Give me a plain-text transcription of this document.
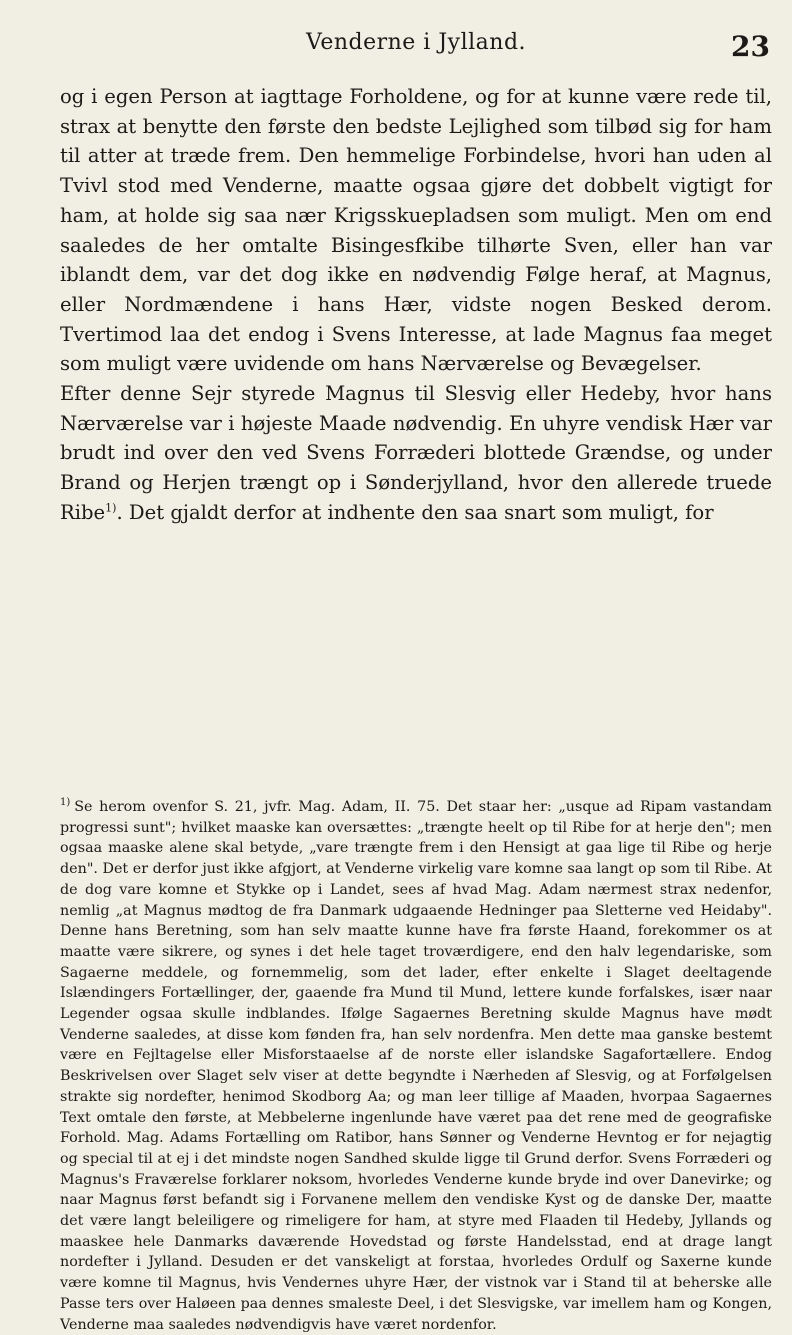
Venderne i Jylland.	23

og i egen Person at iagttage Forholdene, og for at kunne være rede til, strax at benytte den første den bedste Lejlighed som tilbød sig for ham til atter at træde frem. Den hemmelige Forbindelse, hvori han uden al Tvivl stod med Venderne, maatte ogsaa gjøre det dobbelt vigtigt for ham, at holde sig saa nær Krigsskuepladsen som muligt. Men om end saaledes de her omtalte Bisingesfkibe tilhørte Sven, eller han var iblandt dem, var det dog ikke en nødvendig Følge heraf, at Magnus, eller Nordmændene i hans Hær, vidste nogen Besked derom. Tvertimod laa det endog i Svens Interesse, at lade Magnus faa meget som muligt være uvidende om hans Nærværelse og Bevægelser.

Efter denne Sejr styrede Magnus til Slesvig eller Hedeby, hvor hans Nærværelse var i højeste Maade nødvendig. En uhyre vendisk Hær var brudt ind over den ved Svens Forræderi blottede Grændse, og under Brand og Herjen trængt op i Sønderjylland, hvor den allerede truede Ribe$^{1)}$. Det gjaldt derfor at indhente den saa snart som muligt, for

$^{1)}$ Se herom ovenfor S. 21, jvfr. Mag. Adam, II. 75. Det staar her: „usque ad Ripam vastandam progressi sunt"; hvilket maaske kan oversættes: „trængte heelt op til Ribe for at herje den"; men ogsaa maaske alene skal betyde, „vare trængte frem i den Hensigt at gaa lige til Ribe og herje den". Det er derfor just ikke afgjort, at Venderne virkelig vare komne saa langt op som til Ribe. At de dog vare komne et Stykke op i Landet, sees af hvad Mag. Adam nærmest strax nedenfor, nemlig „at Magnus mødtog de fra Danmark udgaaende Hedninger paa Sletterne ved Heidaby". Denne hans Beretning, som han selv maatte kunne have fra første Haand, forekommer os at maatte være sikrere, og synes i det hele taget troværdigere, end den halv legendariske, som Sagaerne meddele, og fornemmelig, som det lader, efter enkelte i Slaget deeltagende Islændingers Fortællinger, der, gaaende fra Mund til Mund, lettere kunde forfalskes, især naar Legender ogsaa skulle indblandes. Ifølge Sagaernes Beretning skulde Magnus have mødt Venderne saaledes, at disse kom fønden fra, han selv nordenfra. Men dette maa ganske bestemt være en Fejltagelse eller Misforstaaelse af de norste eller islandske Sagafortællere. Endog Beskrivelsen over Slaget selv viser at dette begyndte i Nærheden af Slesvig, og at Forfølgelsen strakte sig nordefter, henimod Skodborg Aa; og man leer tillige af Maaden, hvorpaa Sagaernes Text omtale den første, at Mebbelerne ingenlunde have været paa det rene med de geografiske Forhold. Mag. Adams Fortælling om Ratibor, hans Sønner og Venderne Hevntog er for nejagtig og special til at ej i det mindste nogen Sandhed skulde ligge til Grund derfor. Svens Forræderi og Magnus's Fraværelse forklarer noksom, hvorledes Venderne kunde bryde ind over Danevirke; og naar Magnus først befandt sig i Forvanene mellem den vendiske Kyst og de danske Der, maatte det være langt beleiligere og rimeligere for ham, at styre med Flaaden til Hedeby, Jyllands og maaskee hele Danmarks daværende Hovedstad og første Handelsstad, end at drage langt nordefter i Jylland. Desuden er det vanskeligt at forstaa, hvorledes Ordulf og Saxerne kunde være komne til Magnus, hvis Vendernes uhyre Hær, der vistnok var i Stand til at beherske alle Passe ters over Haløeen paa dennes smaleste Deel, i det Slesvigske, var imellem ham og Kongen, Venderne maa saaledes nødvendigvis have været nordenfor.
